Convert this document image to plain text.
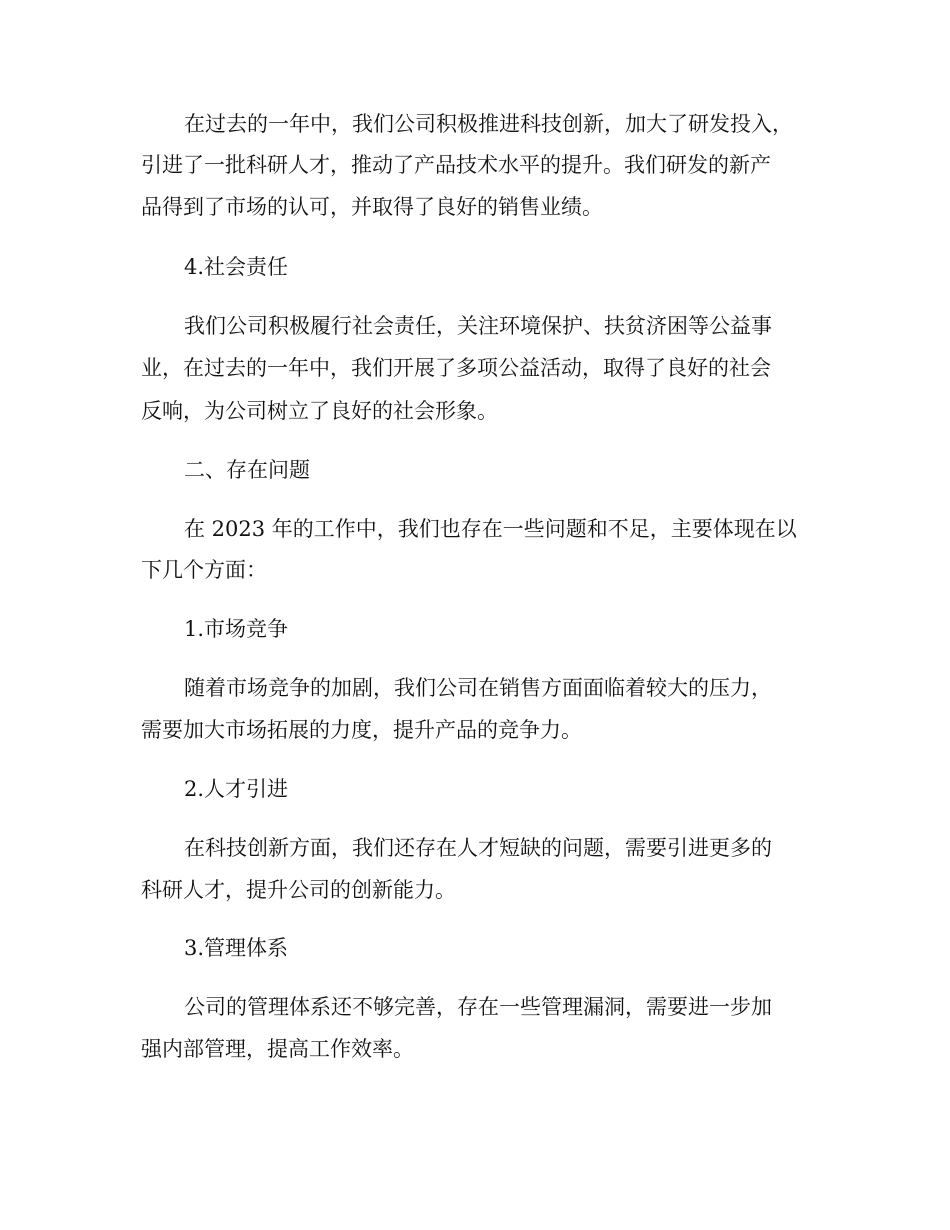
在过去的一年中，我们公司积极推进科技创新，加大了研发投入，

引进了一批科研人才，推动了产品技术水平的提升。我们研发的新产

品得到了市场的认可，并取得了良好的销售业绩。

4.社会责任

我们公司积极履行社会责任，关注环境保护、扶贫济困等公益事

业，在过去的一年中，我们开展了多项公益活动，取得了良好的社会

反响，为公司树立了良好的社会形象。

二、存在问题

在 2023 年的工作中，我们也存在一些问题和不足，主要体现在以

下几个方面：

1.市场竞争

随着市场竞争的加剧，我们公司在销售方面面临着较大的压力，

需要加大市场拓展的力度，提升产品的竞争力。

2.人才引进

在科技创新方面，我们还存在人才短缺的问题，需要引进更多的

科研人才，提升公司的创新能力。

3.管理体系

公司的管理体系还不够完善，存在一些管理漏洞，需要进一步加

强内部管理，提高工作效率。
